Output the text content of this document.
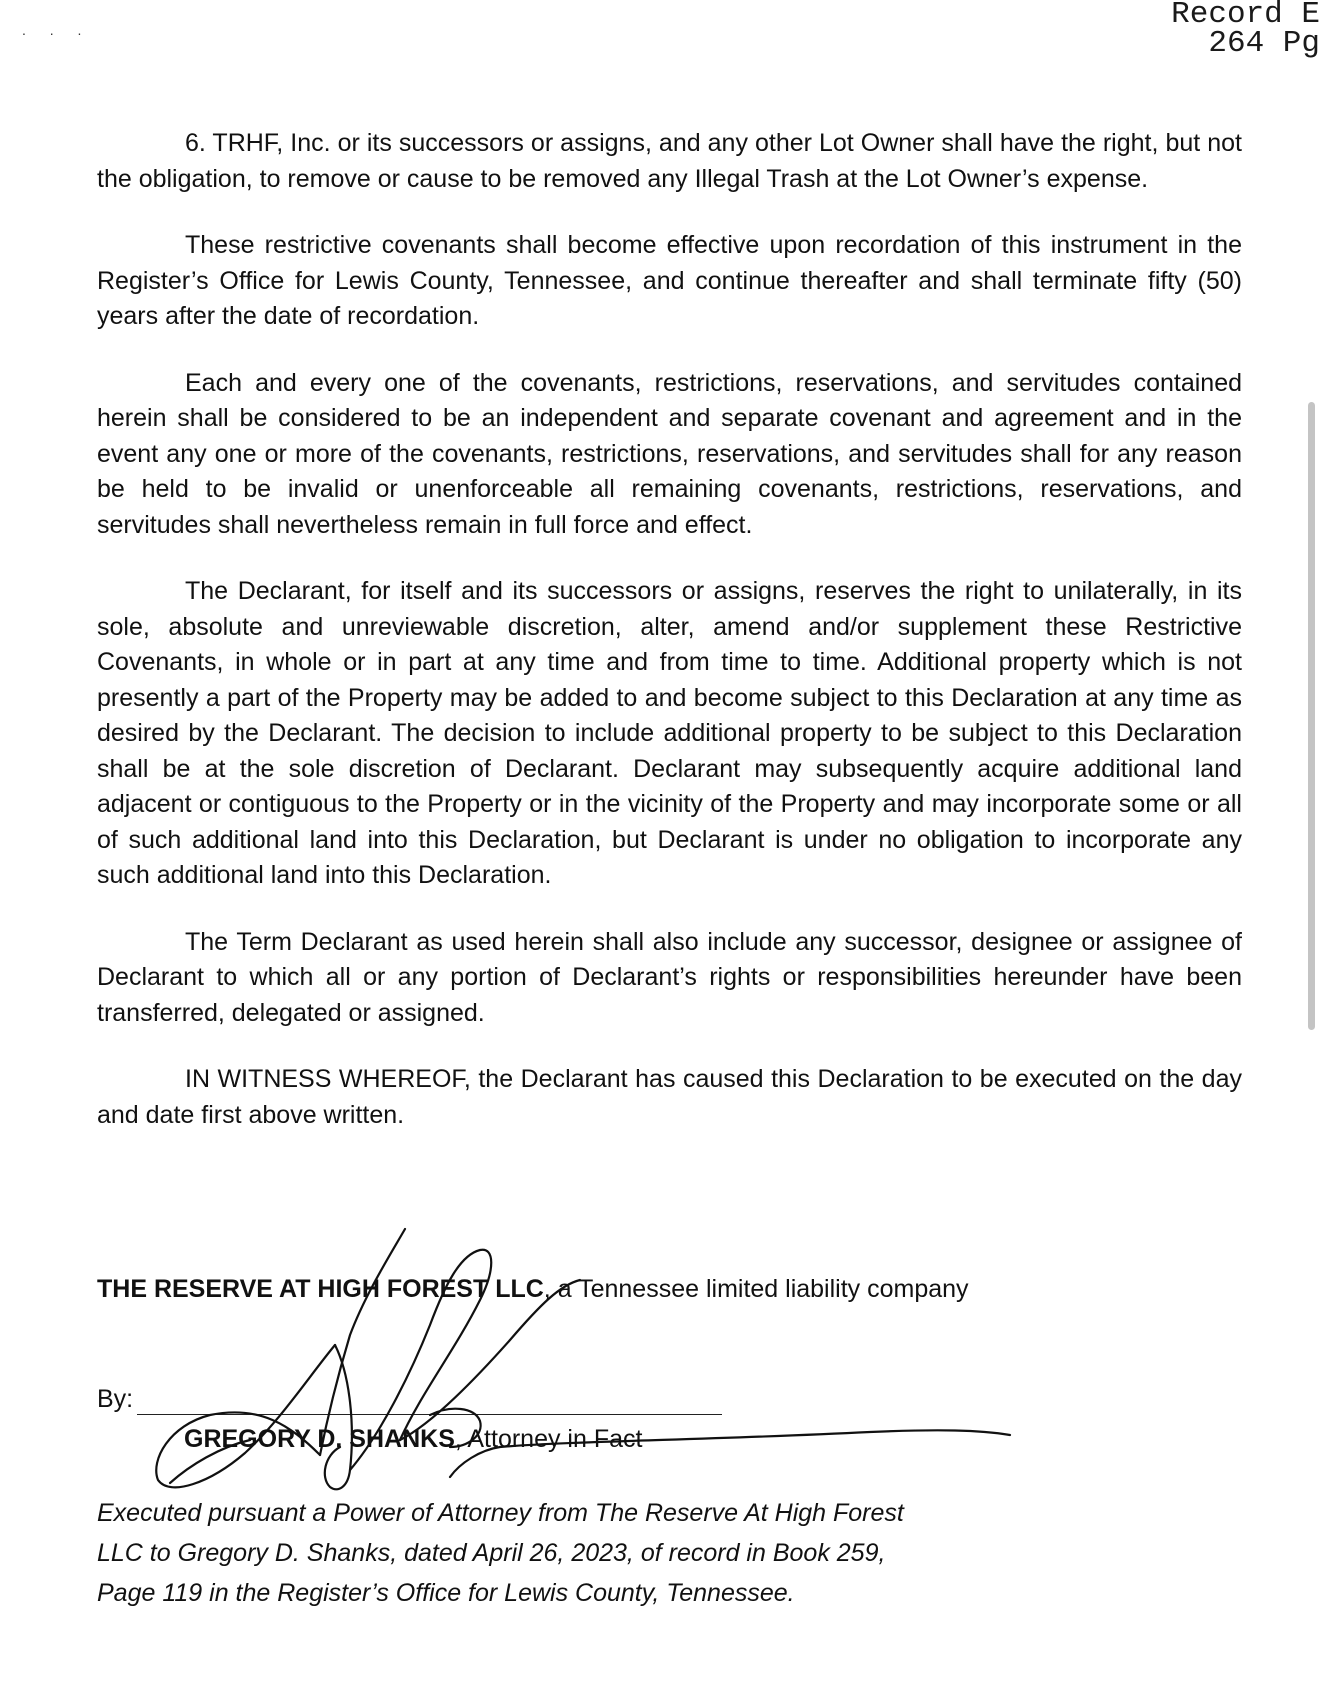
. . .	Record E
264 Pg

6. TRHF, Inc. or its successors or assigns, and any other Lot Owner shall have the right, but not the obligation, to remove or cause to be removed any Illegal Trash at the Lot Owner’s expense.

These restrictive covenants shall become effective upon recordation of this instrument in the Register’s Office for Lewis County, Tennessee, and continue thereafter and shall terminate fifty (50) years after the date of recordation.

Each and every one of the covenants, restrictions, reservations, and servitudes contained herein shall be considered to be an independent and separate covenant and agreement and in the event any one or more of the covenants, restrictions, reservations, and servitudes shall for any reason be held to be invalid or unenforceable all remaining covenants, restrictions, reservations, and servitudes shall nevertheless remain in full force and effect.

The Declarant, for itself and its successors or assigns, reserves the right to unilaterally, in its sole, absolute and unreviewable discretion, alter, amend and/or supplement these Restrictive Covenants, in whole or in part at any time and from time to time. Additional property which is not presently a part of the Property may be added to and become subject to this Declaration at any time as desired by the Declarant. The decision to include additional property to be subject to this Declaration shall be at the sole discretion of Declarant. Declarant may subsequently acquire additional land adjacent or contiguous to the Property or in the vicinity of the Property and may incorporate some or all of such additional land into this Declaration, but Declarant is under no obligation to incorporate any such additional land into this Declaration.

The Term Declarant as used herein shall also include any successor, designee or assignee of Declarant to which all or any portion of Declarant’s rights or responsibilities hereunder have been transferred, delegated or assigned.

IN WITNESS WHEREOF, the Declarant has caused this Declaration to be executed on the day and date first above written.

THE RESERVE AT HIGH FOREST LLC, a Tennessee limited liability company
By:
GREGORY D. SHANKS, Attorney in Fact
Executed pursuant a Power of Attorney from The Reserve At High Forest
LLC to Gregory D. Shanks, dated April 26, 2023, of record in Book 259,
Page 119 in the Register’s Office for Lewis County, Tennessee.
